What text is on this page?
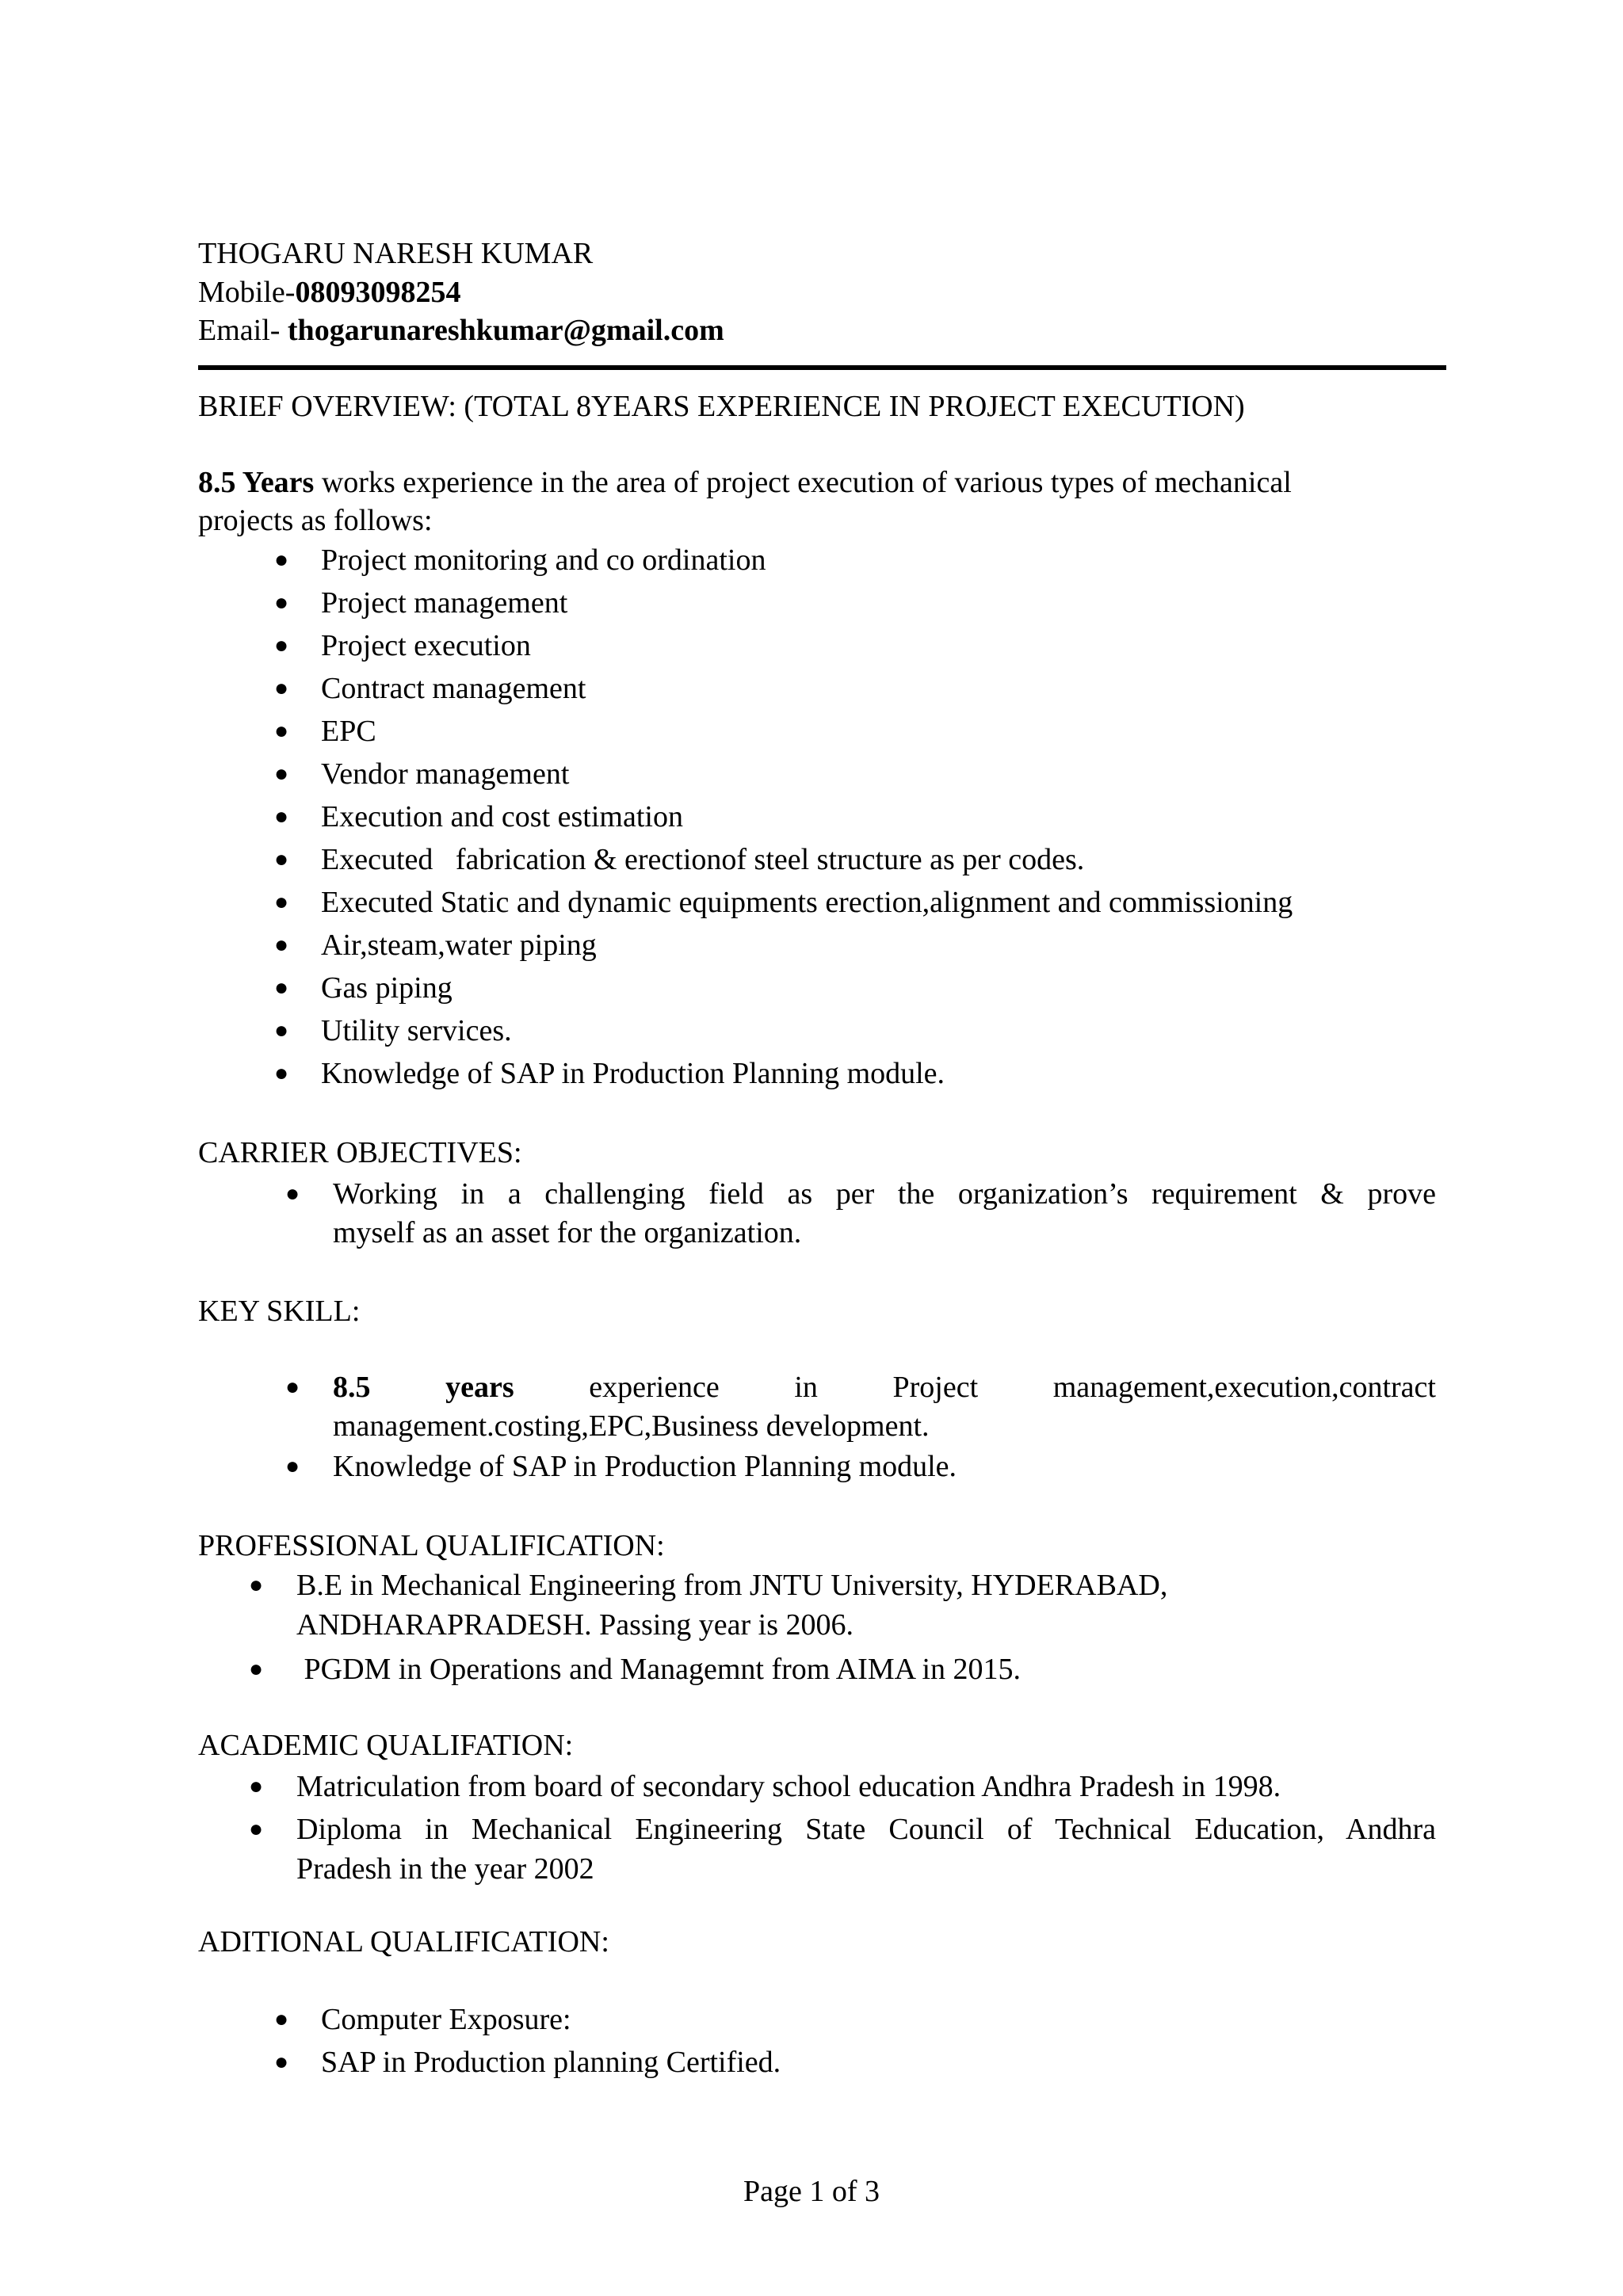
THOGARU NARESH KUMAR
Mobile-08093098254
Email- thogarunareshkumar@gmail.com
BRIEF OVERVIEW: (TOTAL 8YEARS EXPERIENCE IN PROJECT EXECUTION)
8.5 Years works experience in the area of project execution of various types of mechanical
projects as follows:
● Project monitoring and co ordination
● Project management
● Project execution
● Contract management
● EPC
● Vendor management
● Execution and cost estimation
● Executed   fabrication & erectionof steel structure as per codes.
● Executed Static and dynamic equipments erection,alignment and commissioning
● Air,steam,water piping
● Gas piping
● Utility services.
● Knowledge of SAP in Production Planning module.
CARRIER OBJECTIVES:
● Working in a challenging field as per the organization’s requirement & prove
myself as an asset for the organization.
KEY SKILL:
● 8.5 years experience in Project management,execution,contract
management.costing,EPC,Business development.
● Knowledge of SAP in Production Planning module.
PROFESSIONAL QUALIFICATION:
● B.E in Mechanical Engineering from JNTU University, HYDERABAD,
ANDHARAPRADESH. Passing year is 2006.
● PGDM in Operations and Managemnt from AIMA in 2015.
ACADEMIC QUALIFATION:
● Matriculation from board of secondary school education Andhra Pradesh in 1998.
● Diploma in Mechanical Engineering State Council of Technical Education, Andhra
Pradesh in the year 2002
ADITIONAL QUALIFICATION:
● Computer Exposure:
● SAP in Production planning Certified.
Page 1 of 3
